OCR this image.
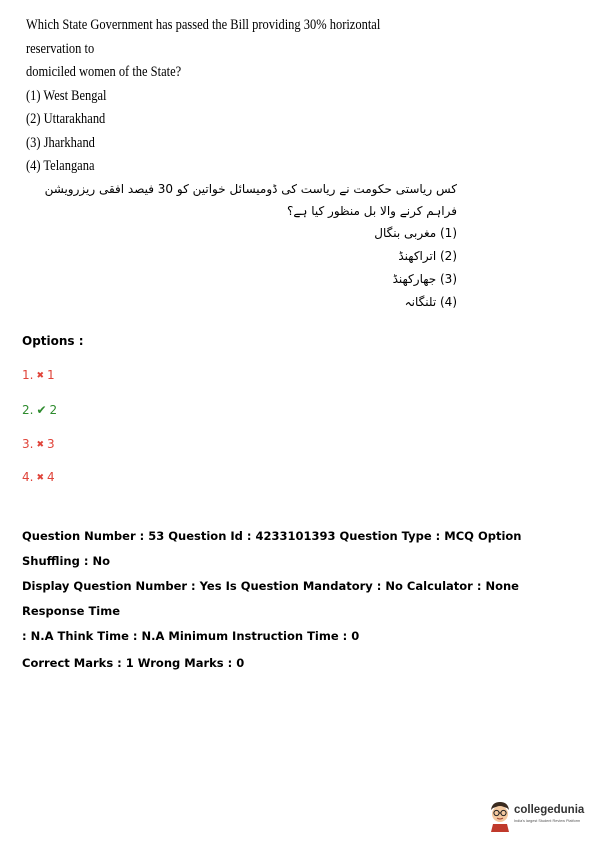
Which State Government has passed the Bill providing 30% horizontal reservation to

domiciled women of the State?

(1) West Bengal

(2) Uttarakhand

(3) Jharkhand

(4) Telangana

کس ریاستی حکومت نے ریاست کی ڈومیسائل خواتین کو 30 فیصد افقی ریزرویشن فراہم کرنے والا بل منظور کیا ہے؟

(1) مغربی بنگال
(2) اتراکھنڈ
(3) جھارکھنڈ
(4) تلنگانہ
Options :
1. ✖ 1
2. ✔ 2
3. ✖ 3
4. ✖ 4

Question Number : 53 Question Id : 4233101393 Question Type : MCQ Option Shuffling : No

Display Question Number : Yes Is Question Mandatory : No Calculator : None Response Time

: N.A Think Time : N.A Minimum Instruction Time : 0

Correct Marks : 1 Wrong Marks : 0

collegedunia
India's largest Student Review Platform
